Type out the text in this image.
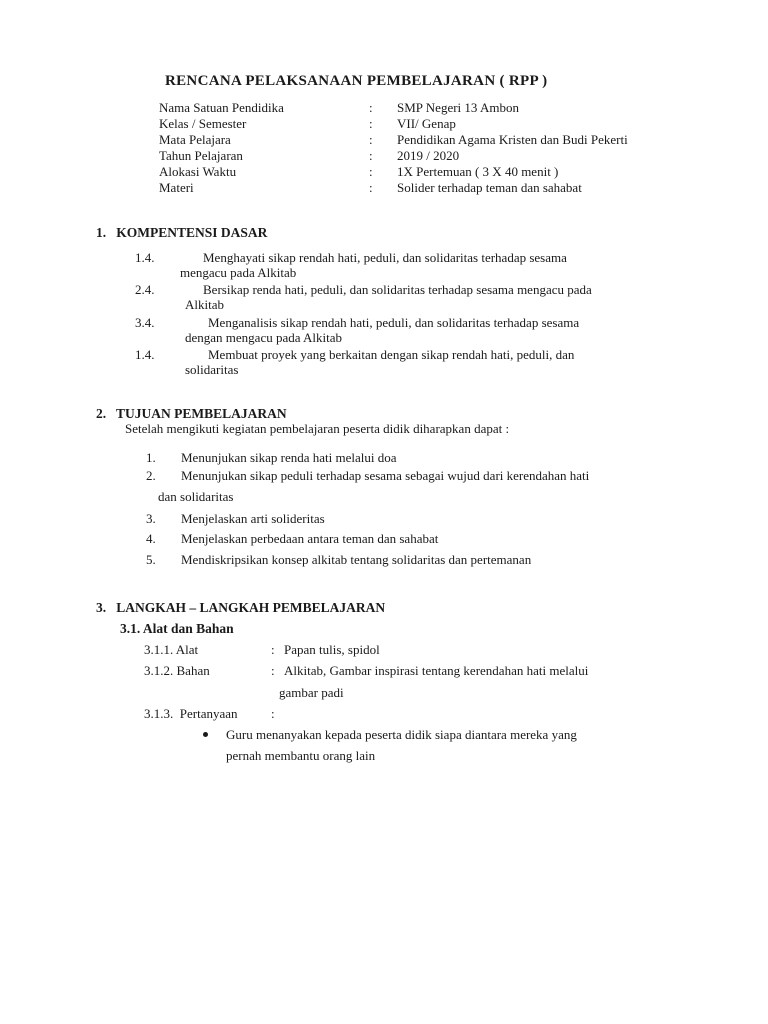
RENCANA PELAKSANAAN PEMBELAJARAN ( RPP )
Nama Satuan Pendidika	: SMP Negeri 13 Ambon
Kelas / Semester	: VII/ Genap
Mata Pelajara	: Pendidikan Agama Kristen dan Budi Pekerti
Tahun Pelajaran	: 2019 / 2020
Alokasi Waktu	: 1X Pertemuan ( 3 X 40 menit )
Materi	: Solider terhadap teman dan sahabat
1.   KOMPENTENSI DASAR
1.4.	Menghayati sikap rendah hati, peduli, dan solidaritas terhadap sesama
mengacu pada Alkitab
2.4.	Bersikap renda hati, peduli, dan solidaritas terhadap sesama mengacu pada
Alkitab
3.4.	Menganalisis sikap rendah hati, peduli, dan solidaritas terhadap sesama
dengan mengacu pada Alkitab
1.4.	Membuat proyek yang berkaitan dengan sikap rendah hati, peduli, dan
solidaritas
2.   TUJUAN PEMBELAJARAN
Setelah mengikuti kegiatan pembelajaran peserta didik diharapkan dapat :
1. Menunjukan sikap renda hati melalui doa
2. Menunjukan sikap peduli terhadap sesama sebagai wujud dari kerendahan hati
dan solidaritas
3. Menjelaskan arti solideritas
4. Menjelaskan perbedaan antara teman dan sahabat
5. Mendiskripsikan konsep alkitab tentang solidaritas dan pertemanan
3.   LANGKAH – LANGKAH PEMBELAJARAN
3.1. Alat dan Bahan
3.1.1. Alat	: Papan tulis, spidol
3.1.2. Bahan	: Alkitab, Gambar inspirasi tentang kerendahan hati melalui
gambar padi
3.1.3.  Pertanyaan	:
Guru menanyakan kepada peserta didik siapa diantara mereka yang
pernah membantu orang lain
